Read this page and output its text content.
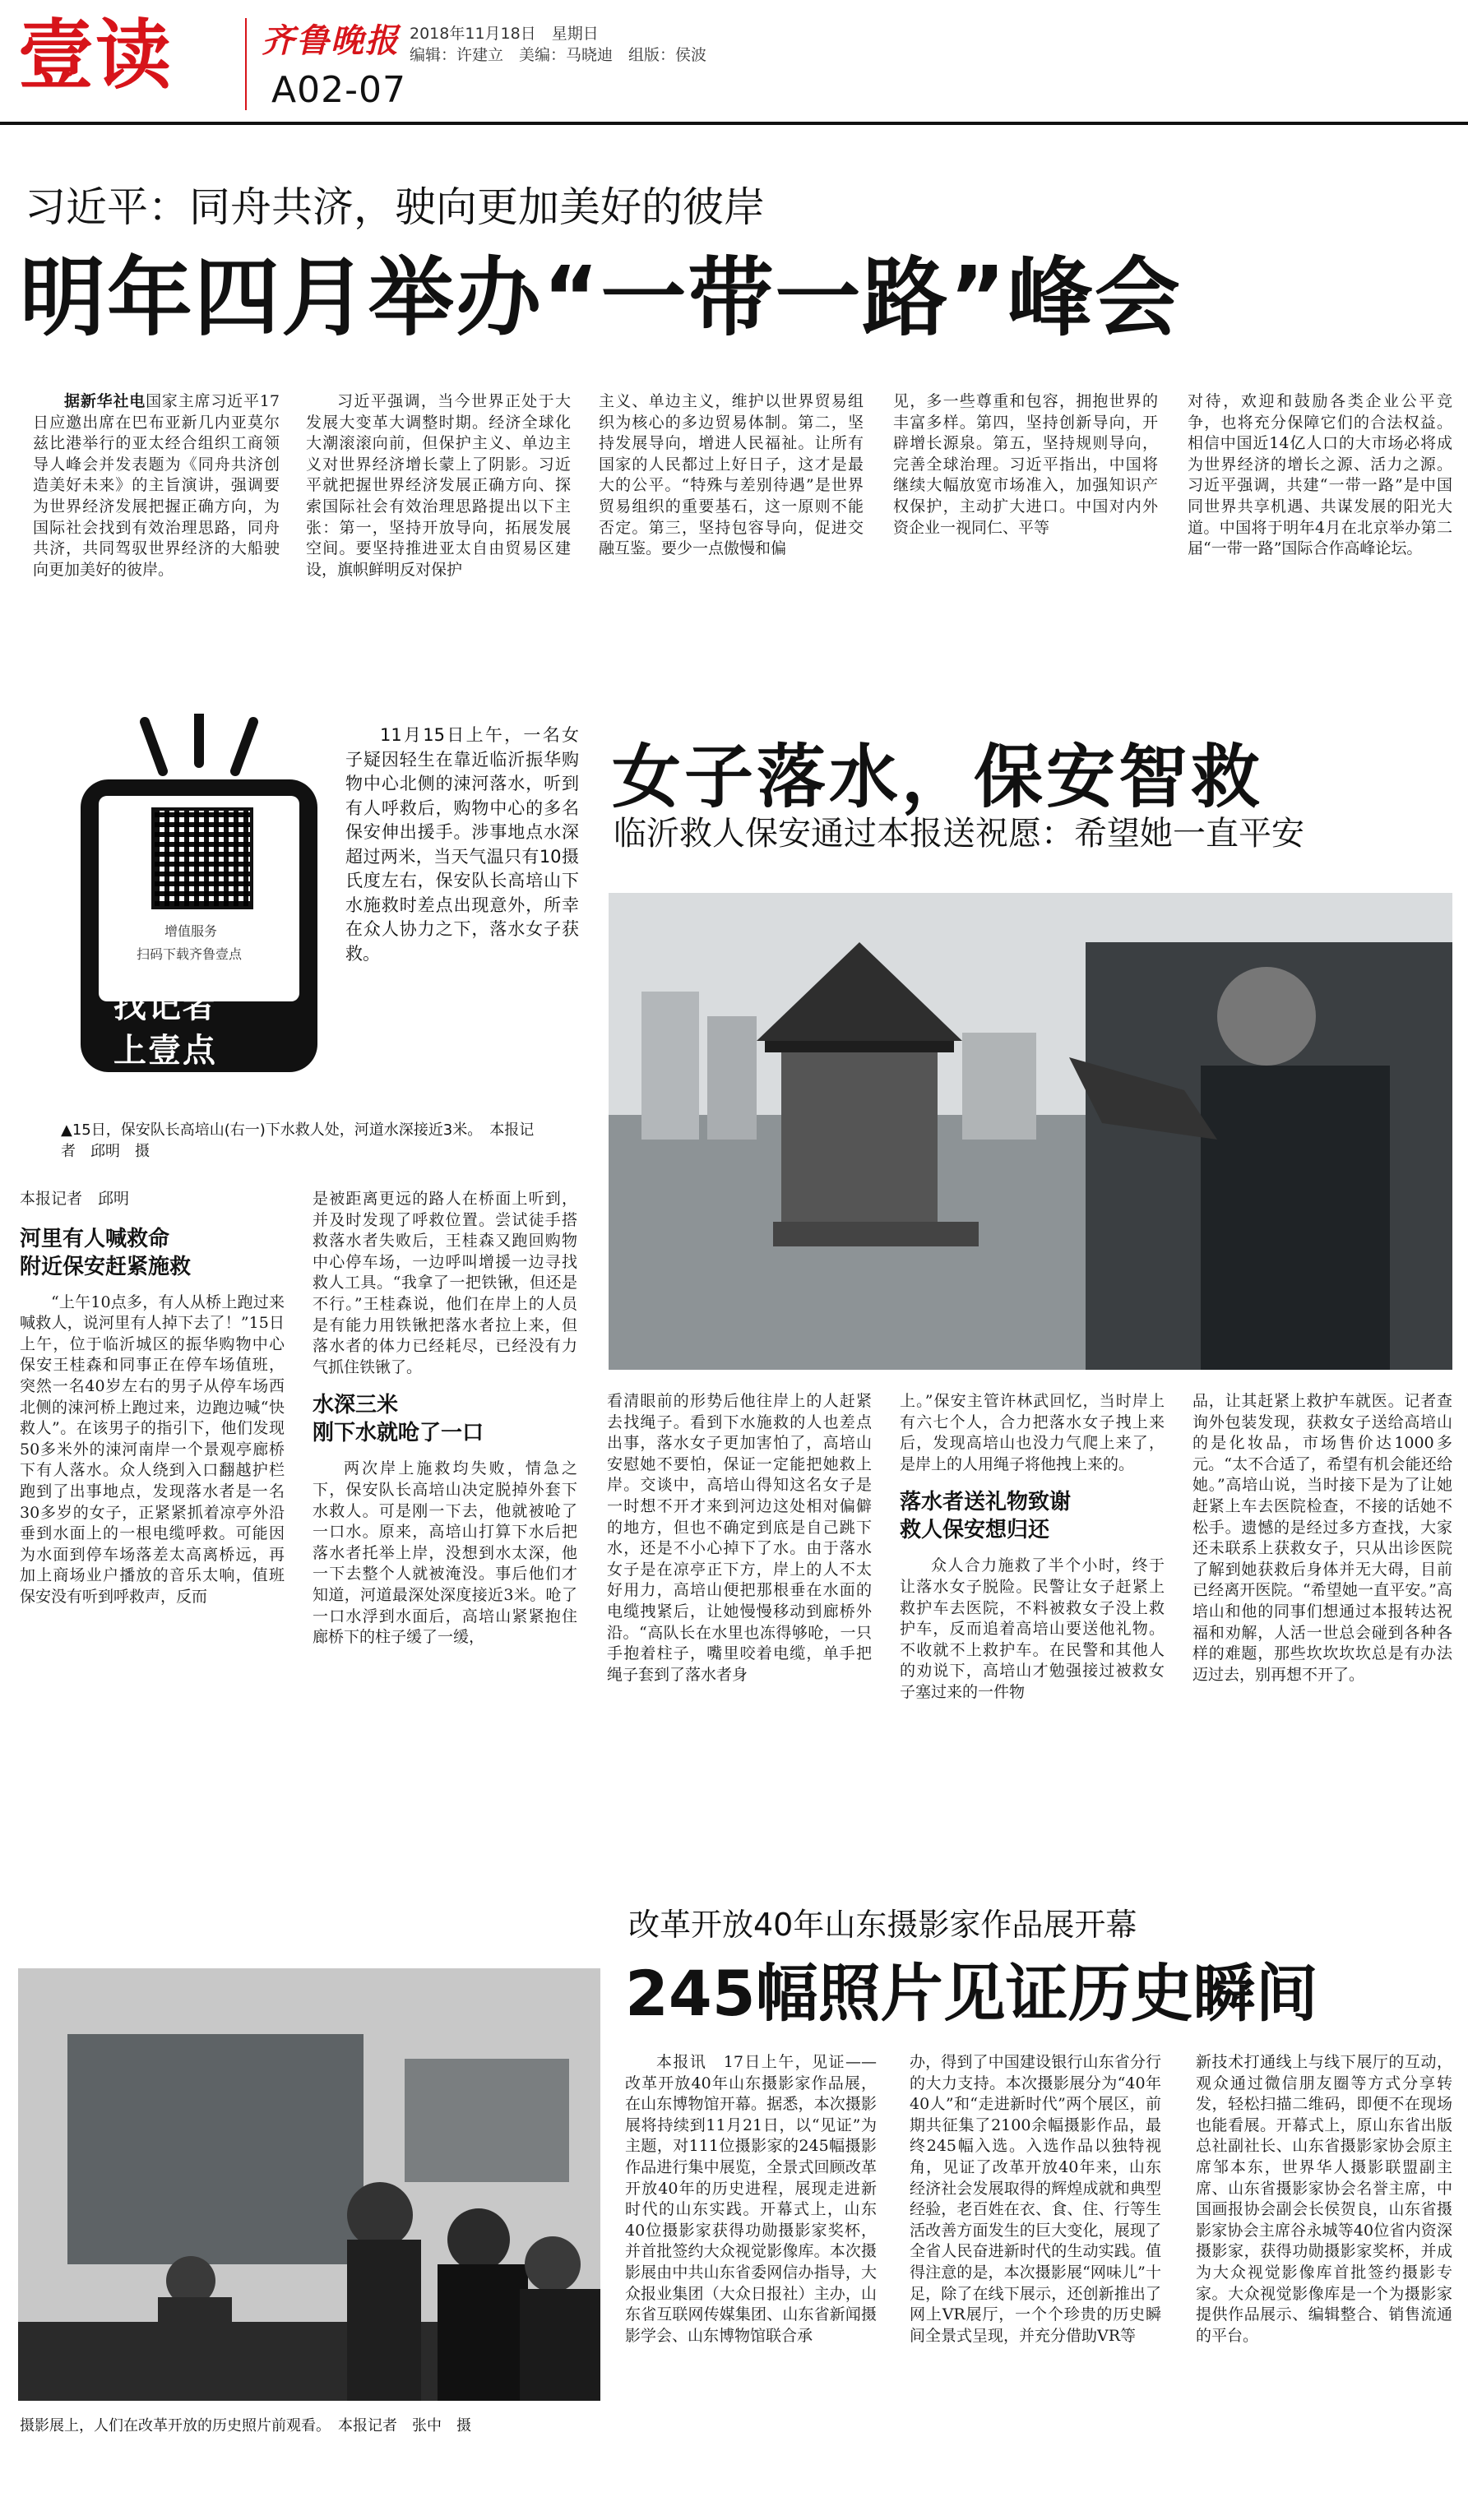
壹读	齐鲁晚报
A02-07
2018年11月18日　星期日
编辑：许建立　美编：马晓迪　组版：侯波
习近平：同舟共济，驶向更加美好的彼岸
明年四月举办“一带一路”峰会

据新华社电国家主席习近平17日应邀出席在巴布亚新几内亚莫尔兹比港举行的亚太经合组织工商领导人峰会并发表题为《同舟共济创造美好未来》的主旨演讲，强调要为世界经济发展把握正确方向，为国际社会找到有效治理思路，同舟共济，共同驾驭世界经济的大船驶向更加美好的彼岸。

习近平强调，当今世界正处于大发展大变革大调整时期。经济全球化大潮滚滚向前，但保护主义、单边主义对世界经济增长蒙上了阴影。习近平就把握世界经济发展正确方向、探索国际社会有效治理思路提出以下主张：第一，坚持开放导向，拓展发展空间。要坚持推进亚太自由贸易区建设，旗帜鲜明反对保护

主义、单边主义，维护以世界贸易组织为核心的多边贸易体制。第二，坚持发展导向，增进人民福祉。让所有国家的人民都过上好日子，这才是最大的公平。“特殊与差别待遇”是世界贸易组织的重要基石，这一原则不能否定。第三，坚持包容导向，促进交融互鉴。要少一点傲慢和偏

见，多一些尊重和包容，拥抱世界的丰富多样。第四，坚持创新导向，开辟增长源泉。第五，坚持规则导向，完善全球治理。习近平指出，中国将继续大幅放宽市场准入，加强知识产权保护，主动扩大进口。中国对内外资企业一视同仁、平等

对待，欢迎和鼓励各类企业公平竞争，也将充分保障它们的合法权益。相信中国近14亿人口的大市场必将成为世界经济的增长之源、活力之源。习近平强调，共建“一带一路”是中国同世界共享机遇、共谋发展的阳光大道。中国将于明年4月在北京举办第二届“一带一路”国际合作高峰论坛。

增值服务
扫码下载齐鲁壹点
找记者
上壹点
11月15日上午，一名女子疑因轻生在靠近临沂振华购物中心北侧的涑河落水，听到有人呼救后，购物中心的多名保安伸出援手。涉事地点水深超过两米，当天气温只有10摄氏度左右，保安队长高培山下水施救时差点出现意外，所幸在众人协力之下，落水女子获救。
女子落水，保安智救
临沂救人保安通过本报送祝愿：希望她一直平安
▲15日，保安队长高培山(右一)下水救人处，河道水深接近3米。　本报记者　邱明　摄

本报记者　邱明

河里有人喊救命
附近保安赶紧施救

“上午10点多，有人从桥上跑过来喊救人，说河里有人掉下去了！”15日上午，位于临沂城区的振华购物中心保安王桂森和同事正在停车场值班，突然一名40岁左右的男子从停车场西北侧的涑河桥上跑过来，边跑边喊“快救人”。在该男子的指引下，他们发现50多米外的涑河南岸一个景观亭廊桥下有人落水。众人绕到入口翻越护栏跑到了出事地点，发现落水者是一名30多岁的女子，正紧紧抓着凉亭外沿垂到水面上的一根电缆呼救。可能因为水面到停车场落差太高离桥远，再加上商场业户播放的音乐太响，值班保安没有听到呼救声，反而

是被距离更远的路人在桥面上听到，并及时发现了呼救位置。尝试徒手搭救落水者失败后，王桂森又跑回购物中心停车场，一边呼叫增援一边寻找救人工具。“我拿了一把铁锹，但还是不行。”王桂森说，他们在岸上的人员是有能力用铁锹把落水者拉上来，但落水者的体力已经耗尽，已经没有力气抓住铁锹了。

水深三米
刚下水就呛了一口

两次岸上施救均失败，情急之下，保安队长高培山决定脱掉外套下水救人。可是刚一下去，他就被呛了一口水。原来，高培山打算下水后把落水者托举上岸，没想到水太深，他一下去整个人就被淹没。事后他们才知道，河道最深处深度接近3米。呛了一口水浮到水面后，高培山紧紧抱住廊桥下的柱子缓了一缓，

看清眼前的形势后他往岸上的人赶紧去找绳子。看到下水施救的人也差点出事，落水女子更加害怕了，高培山安慰她不要怕，保证一定能把她救上岸。交谈中，高培山得知这名女子是一时想不开才来到河边这处相对偏僻的地方，但也不确定到底是自己跳下水，还是不小心掉下了水。由于落水女子是在凉亭正下方，岸上的人不太好用力，高培山便把那根垂在水面的电缆拽紧后，让她慢慢移动到廊桥外沿。“高队长在水里也冻得够呛，一只手抱着柱子，嘴里咬着电缆，单手把绳子套到了落水者身

上。”保安主管许林武回忆，当时岸上有六七个人，合力把落水女子拽上来后，发现高培山也没力气爬上来了，是岸上的人用绳子将他拽上来的。

落水者送礼物致谢
救人保安想归还

众人合力施救了半个小时，终于让落水女子脱险。民警让女子赶紧上救护车去医院，不料被救女子没上救护车，反而追着高培山要送他礼物。不收就不上救护车。在民警和其他人的劝说下，高培山才勉强接过被救女子塞过来的一件物

品，让其赶紧上救护车就医。记者查询外包装发现，获救女子送给高培山的是化妆品，市场售价达1000多元。“太不合适了，希望有机会能还给她。”高培山说，当时接下是为了让她赶紧上车去医院检查，不接的话她不松手。遗憾的是经过多方查找，大家还未联系上获救女子，只从出诊医院了解到她获救后身体并无大碍，目前已经离开医院。“希望她一直平安。”高培山和他的同事们想通过本报转达祝福和劝解，人活一世总会碰到各种各样的难题，那些坎坎坎坎总是有办法迈过去，别再想不开了。

改革开放40年山东摄影家作品展开幕
245幅照片见证历史瞬间
摄影展上，人们在改革开放的历史照片前观看。　本报记者　张中　摄

本报讯　17日上午，见证——改革开放40年山东摄影家作品展，在山东博物馆开幕。据悉，本次摄影展将持续到11月21日，以“见证”为主题，对111位摄影家的245幅摄影作品进行集中展览，全景式回顾改革开放40年的历史进程，展现走进新时代的山东实践。开幕式上，山东40位摄影家获得功勋摄影家奖杯，并首批签约大众视觉影像库。本次摄影展由中共山东省委网信办指导，大众报业集团（大众日报社）主办，山东省互联网传媒集团、山东省新闻摄影学会、山东博物馆联合承

办，得到了中国建设银行山东省分行的大力支持。本次摄影展分为“40年40人”和“走进新时代”两个展区，前期共征集了2100余幅摄影作品，最终245幅入选。入选作品以独特视角，见证了改革开放40年来，山东经济社会发展取得的辉煌成就和典型经验，老百姓在衣、食、住、行等生活改善方面发生的巨大变化，展现了全省人民奋进新时代的生动实践。值得注意的是，本次摄影展“网味儿”十足，除了在线下展示，还创新推出了网上VR展厅，一个个珍贵的历史瞬间全景式呈现，并充分借助VR等

新技术打通线上与线下展厅的互动，观众通过微信朋友圈等方式分享转发，轻松扫描二维码，即便不在现场也能看展。开幕式上，原山东省出版总社副社长、山东省摄影家协会原主席邹本东，世界华人摄影联盟副主席、山东省摄影家协会名誉主席，中国画报协会副会长侯贺良，山东省摄影家协会主席谷永城等40位省内资深摄影家，获得功勋摄影家奖杯，并成为大众视觉影像库首批签约摄影专家。大众视觉影像库是一个为摄影家提供作品展示、编辑整合、销售流通的平台。
